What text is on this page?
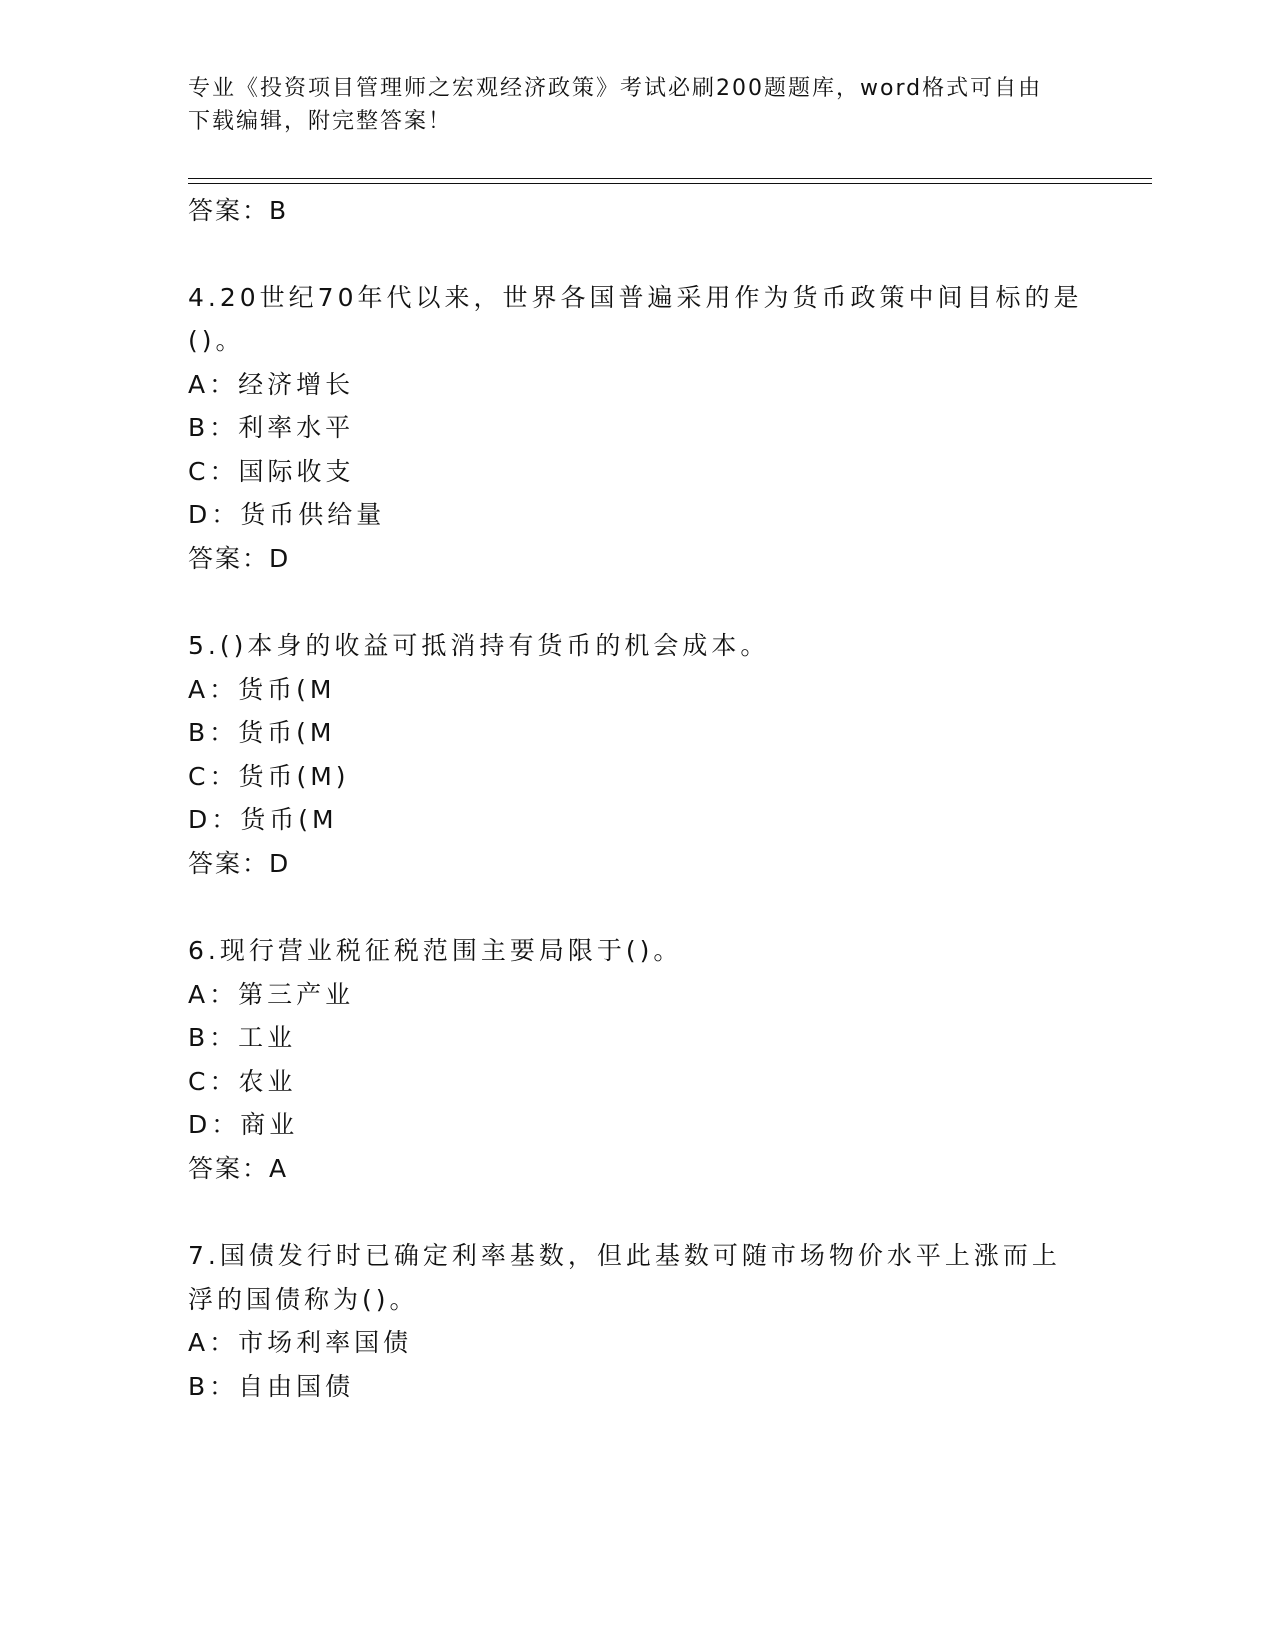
专业《投资项目管理师之宏观经济政策》考试必刷200题题库，word格式可自由
下载编辑，附完整答案！
答案：B
4.20世纪70年代以来，世界各国普遍采用作为货币政策中间目标的是
()。
A：经济增长
B：利率水平
C：国际收支
D：货币供给量
答案：D
5.()本身的收益可抵消持有货币的机会成本。
A：货币(M
B：货币(M
C：货币(M)
D：货币(M
答案：D
6.现行营业税征税范围主要局限于()。
A：第三产业
B：工业
C：农业
D：商业
答案：A
7.国债发行时已确定利率基数，但此基数可随市场物价水平上涨而上
浮的国债称为()。
A：市场利率国债
B：自由国债
